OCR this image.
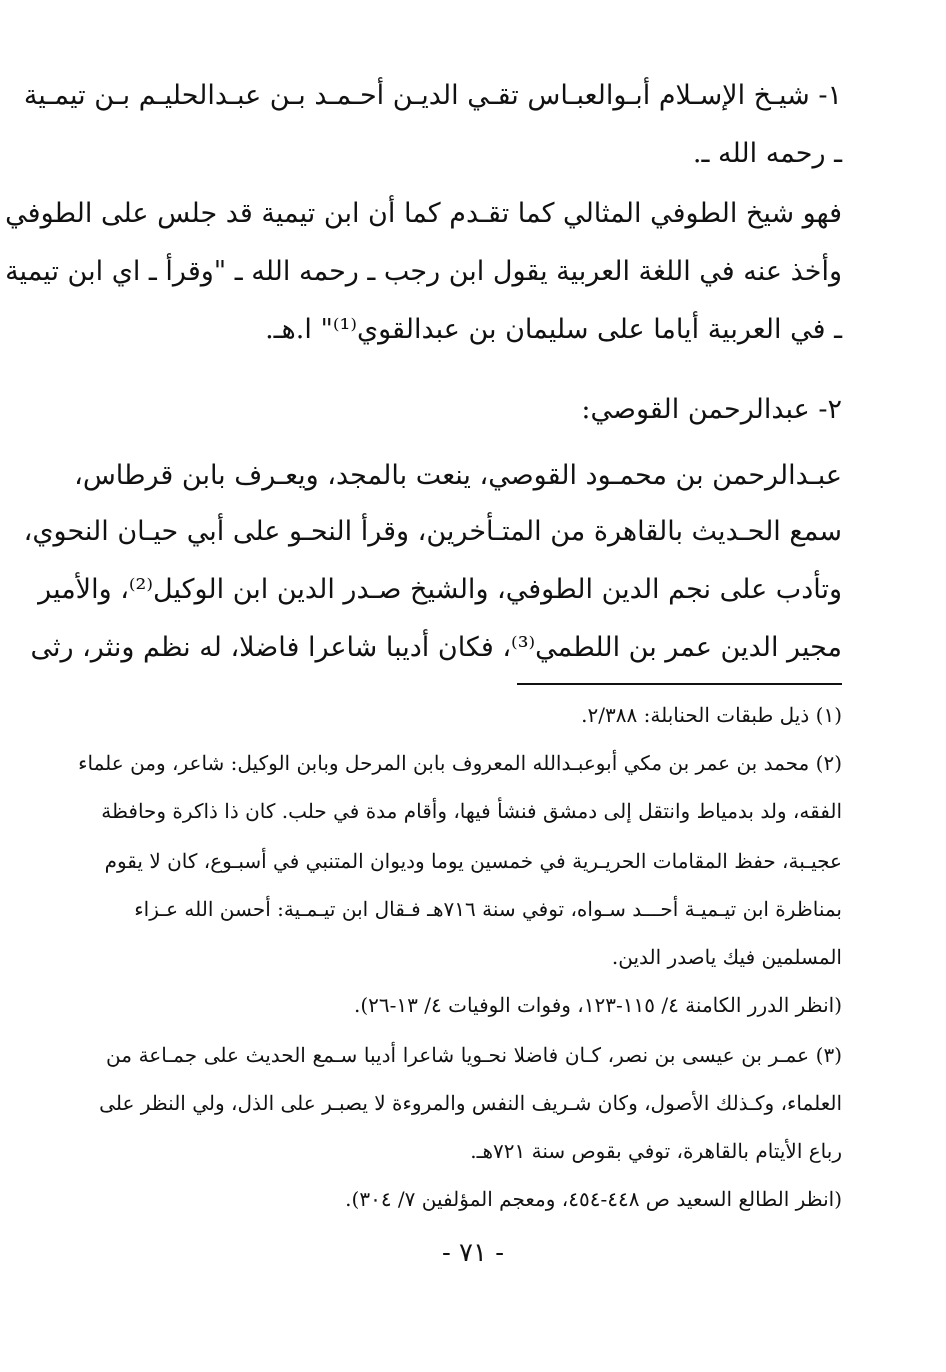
١- شيـخ الإسـلام أبـوالعبـاس تقـي الديـن أحـمـد بـن عبـدالحليـم بـن تيمـية
ـ رحمه الله ـ.
فهو شيخ الطوفي المثالي كما تقـدم كما أن ابن تيمية قد جلس على الطوفي
وأخذ عنه في اللغة العربية يقول ابن رجب ـ رحمه الله ـ "وقرأ ـ اي ابن تيمية
ـ في العربية أياما على سليمان بن عبدالقوي⁽¹⁾" ا.هـ.
٢- عبدالرحمن القوصي:
عبـدالرحمن بن محمـود القوصي، ينعت بالمجد، ويعـرف بابن قرطاس،
سمع الحـديث بالقاهرة من المتـأخرين، وقرأ النحـو على أبي حيـان النحوي،
وتأدب على نجم الدين الطوفي، والشيخ صـدر الدين ابن الوكيل⁽²⁾، والأمير
مجير الدين عمر بن اللطمي⁽³⁾، فكان أديبا شاعرا فاضلا، له نظم ونثر، رثى
(١) ذيل طبقات الحنابلة: ٢/٣٨٨.
(٢) محمد بن عمر بن مكي أبوعبـدالله المعروف بابن المرحل وبابن الوكيل: شاعر، ومن علماء
الفقه، ولد بدمياط وانتقل إلى دمشق فنشأ فيها، وأقام مدة في حلب. كان ذا ذاكرة وحافظة
عجيـبة، حفظ المقامات الحريـرية في خمسين يوما وديوان المتنبي في أسبـوع، كان لا يقوم
بمناظرة ابن تيـميـة أحـــد سـواه، توفي سنة ٧١٦هـ فـقال ابن تيـمـية: أحسن الله عـزاء
المسلمين فيك ياصدر الدين.
(انظر الدرر الكامنة ٤/ ١١٥-١٢٣، وفوات الوفيات ٤/ ١٣-٢٦).
(٣) عمـر بن عيسى بن نصر، كـان فاضلا نحـويا شاعرا أديبا سـمع الحديث على جمـاعة من
العلماء، وكـذلك الأصول، وكان شـريف النفس والمروءة لا يصبـر على الذل، ولي النظر على
رباع الأيتام بالقاهرة، توفي بقوص سنة ٧٢١هـ.
(انظر الطالع السعيد ص ٤٤٨-٤٥٤، ومعجم المؤلفين ٧/ ٣٠٤).
- ٧١ -
